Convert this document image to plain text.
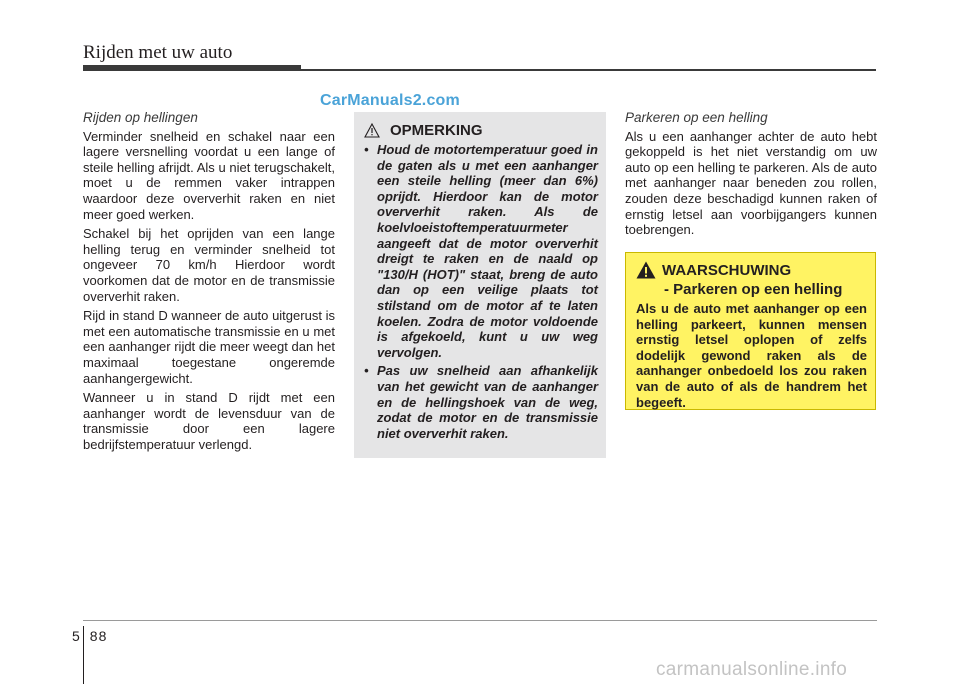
Rijden met uw auto
CarManuals2.com
Rijden op hellingen

Verminder snelheid en schakel naar een lagere versnelling voordat u een lange of steile helling afrijdt. Als u niet terugschakelt, moet u de remmen vaker intrappen waardoor deze oververhit raken en niet meer goed werken.

Schakel bij het oprijden van een lange helling terug en verminder snelheid tot ongeveer 70 km/h Hierdoor wordt voorkomen dat de motor en de transmissie oververhit raken.

Rijd in stand D wanneer de auto uitgerust is met een automatische transmissie en u met een aanhanger rijdt die meer weegt dan het maximaal toegestane ongeremde aanhangergewicht.

Wanneer u in stand D rijdt met een aanhanger wordt de levensduur van de transmissie door een lagere bedrijfstemperatuur verlengd.

OPMERKING
• Houd de motortemperatuur goed in de gaten als u met een aanhanger een steile helling (meer dan 6%) oprijdt. Hierdoor kan de motor oververhit raken. Als de koelvloeistoftemperatuurmeter aangeeft dat de motor oververhit dreigt te raken en de naald op "130/H (HOT)" staat, breng de auto dan op een veilige plaats tot stilstand om de motor af te laten koelen. Zodra de motor voldoende is afgekoeld, kunt u uw weg vervolgen.
• Pas uw snelheid aan afhankelijk van het gewicht van de aanhanger en de hellingshoek van de weg, zodat de motor en de transmissie niet oververhit raken.
Parkeren op een helling

Als u een aanhanger achter de auto hebt gekoppeld is het niet verstandig om uw auto op een helling te parkeren. Als de auto met aanhanger naar beneden zou rollen, zouden deze beschadigd kunnen raken of ernstig letsel aan voorbijgangers kunnen toebrengen.

WAARSCHUWING
- Parkeren op een helling

Als u de auto met aanhanger op een helling parkeert, kunnen mensen ernstig letsel oplopen of zelfs dodelijk gewond raken als de aanhanger onbedoeld los zou raken van de auto of als de handrem het begeeft.

5 88
carmanualsonline.info
